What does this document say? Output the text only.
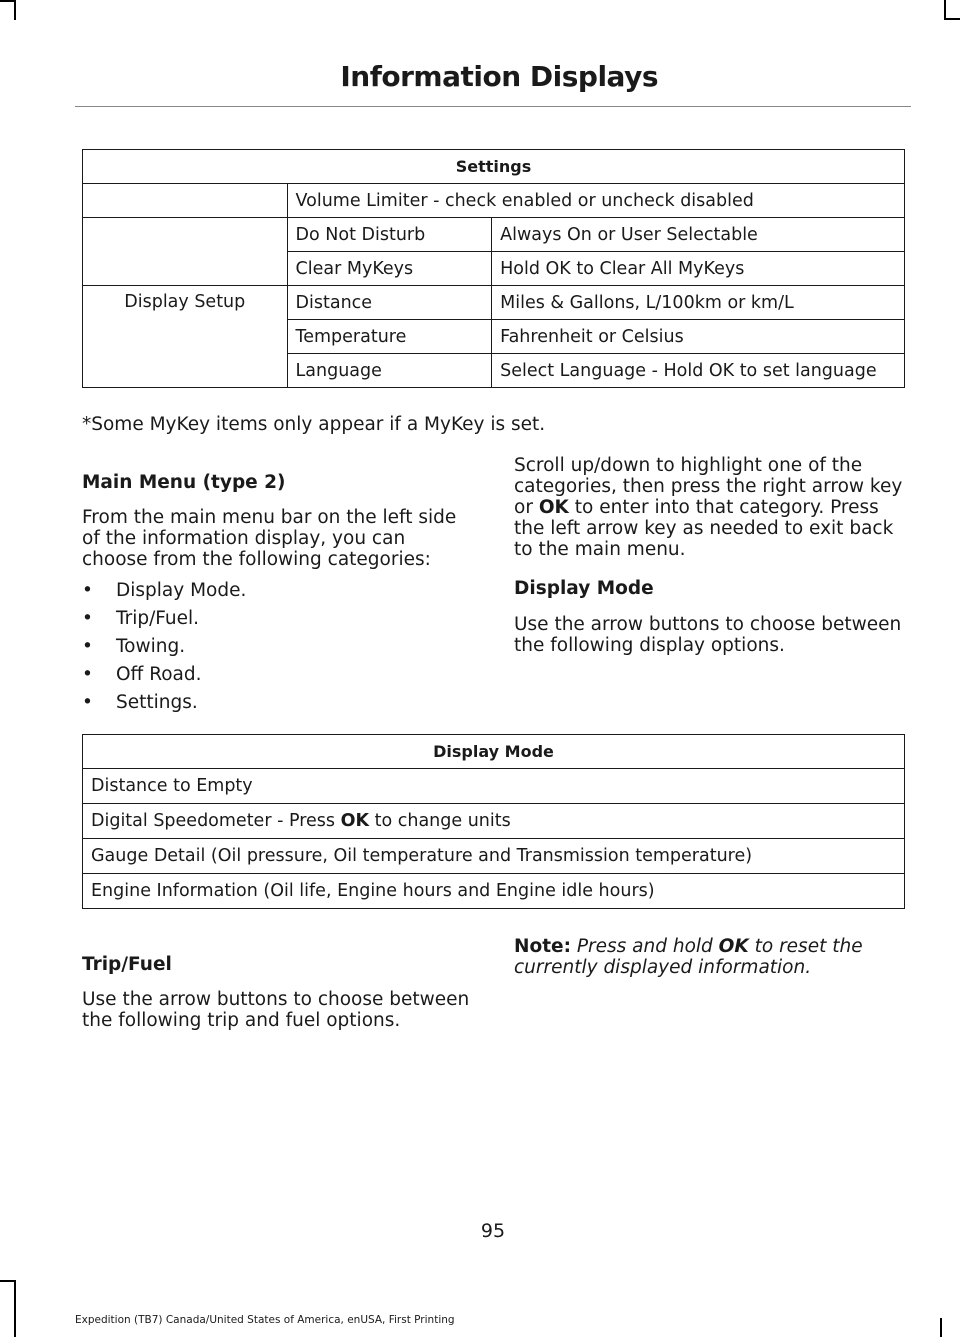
Information Displays
Settings		
	Volume Limiter - check enabled or uncheck disabled	
	Do Not Disturb	Always On or User Selectable
	Clear MyKeys	Hold OK to Clear All MyKeys
Display Setup	Distance	Miles & Gallons, L/100km or km/L
	Temperature	Fahrenheit or Celsius
	Language	Select Language - Hold OK to set language
*Some MyKey items only appear if a MyKey is set.
Main Menu (type 2)
From the main menu bar on the left side of the information display, you can choose from the following categories:
• Display Mode.
• Trip/Fuel.
• Towing.
• Off Road.
• Settings.
Scroll up/down to highlight one of the categories, then press the right arrow key or OK to enter into that category. Press the left arrow key as needed to exit back to the main menu.
Display Mode
Use the arrow buttons to choose between the following display options.
Display Mode
Distance to Empty
Digital Speedometer - Press OK to change units
Gauge Detail (Oil pressure, Oil temperature and Transmission temperature)
Engine Information (Oil life, Engine hours and Engine idle hours)
Trip/Fuel
Use the arrow buttons to choose between the following trip and fuel options.
Note: Press and hold OK to reset the currently displayed information.
95
Expedition (TB7) Canada/United States of America, enUSA, First Printing
